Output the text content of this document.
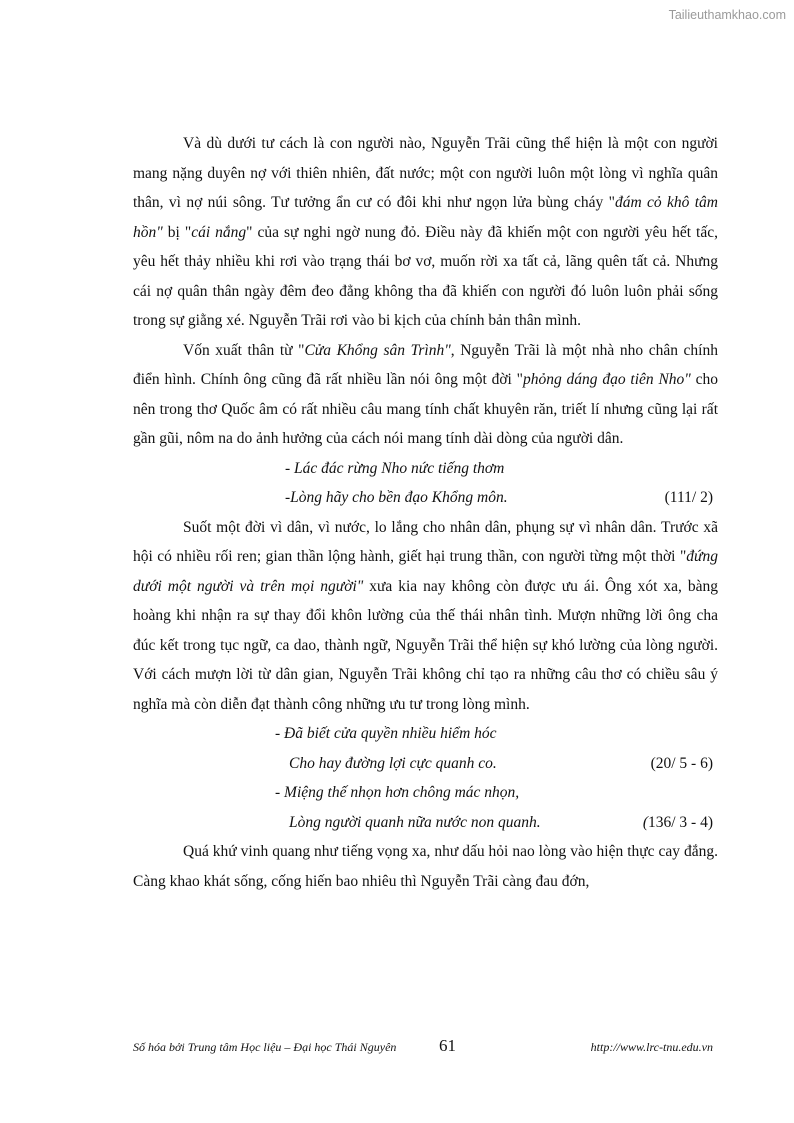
Tailieuthamkhao.com

Và dù dưới tư cách là con người nào, Nguyễn Trãi cũng thể hiện là một con người mang nặng duyên nợ với thiên nhiên, đất nước; một con người luôn một lòng vì nghĩa quân thân, vì nợ núi sông. Tư tưởng ẩn cư có đôi khi như ngọn lửa bùng cháy "đám cỏ khô tâm hồn" bị "cái nắng" của sự nghi ngờ nung đỏ. Điều này đã khiến một con người yêu hết tấc, yêu hết thảy nhiều khi rơi vào trạng thái bơ vơ, muốn rời xa tất cả, lãng quên tất cả. Nhưng cái nợ quân thân ngày đêm đeo đẳng không tha đã khiến con người đó luôn luôn phải sống trong sự giằng xé. Nguyễn Trãi rơi vào bi kịch của chính bản thân mình.

Vốn xuất thân từ "Cửa Khổng sân Trình", Nguyễn Trãi là một nhà nho chân chính điển hình. Chính ông cũng đã rất nhiều lần nói ông một đời "phỏng dáng đạo tiên Nho" cho nên trong thơ Quốc âm có rất nhiều câu mang tính chất khuyên răn, triết lí nhưng cũng lại rất gần gũi, nôm na do ảnh hưởng của cách nói mang tính dài dòng của người dân.

- Lác đác rừng Nho nức tiếng thơm
-Lòng hãy cho bền đạo Khổng môn.	(111/ 2)

Suốt một đời vì dân, vì nước, lo lắng cho nhân dân, phụng sự vì nhân dân. Trước xã hội có nhiều rối ren; gian thần lộng hành, giết hại trung thần, con người từng một thời "đứng dưới một người và trên mọi người" xưa kia nay không còn được ưu ái. Ông xót xa, bàng hoàng khi nhận ra sự thay đổi khôn lường của thế thái nhân tình. Mượn những lời ông cha đúc kết trong tục ngữ, ca dao, thành ngữ, Nguyễn Trãi thể hiện sự khó lường của lòng người. Với cách mượn lời từ dân gian, Nguyễn Trãi không chỉ tạo ra những câu thơ có chiều sâu ý nghĩa mà còn diễn đạt thành công những ưu tư trong lòng mình.

- Đã biết cửa quyền nhiều hiểm hóc
Cho hay đường lợi cực quanh co.	(20/ 5 - 6)
- Miệng thế nhọn hơn chông mác nhọn,
Lòng người quanh nữa nước non quanh.	(136/ 3 - 4)

Quá khứ vinh quang như tiếng vọng xa, như dấu hỏi nao lòng vào hiện thực cay đắng. Càng khao khát sống, cống hiến bao nhiêu thì Nguyễn Trãi càng đau đớn,

Số hóa bởi Trung tâm Học liệu – Đại học Thái Nguyên	61	http://www.lrc-tnu.edu.vn
